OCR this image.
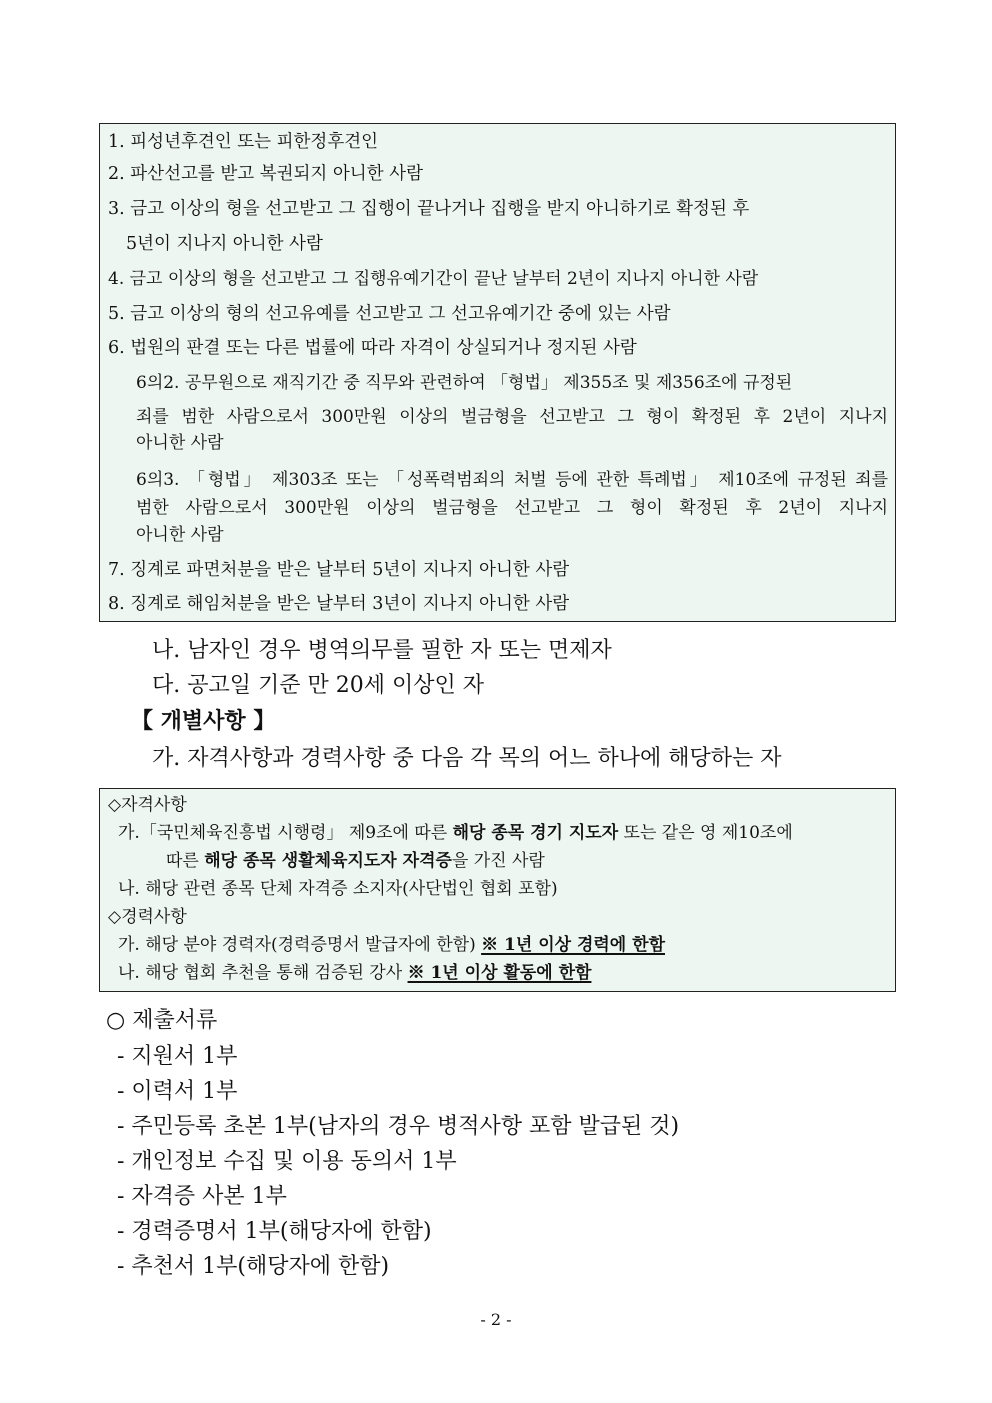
1. 피성년후견인 또는 피한정후견인
2. 파산선고를 받고 복권되지 아니한 사람
3. 금고 이상의 형을 선고받고 그 집행이 끝나거나 집행을 받지 아니하기로 확정된 후
5년이 지나지 아니한 사람
4. 금고 이상의 형을 선고받고 그 집행유예기간이 끝난 날부터 2년이 지나지 아니한 사람
5. 금고 이상의 형의 선고유예를 선고받고 그 선고유예기간 중에 있는 사람
6. 법원의 판결 또는 다른 법률에 따라 자격이 상실되거나 정지된 사람
6의2. 공무원으로 재직기간 중 직무와 관련하여 「형법」 제355조 및 제356조에 규정된
죄를 범한 사람으로서 300만원 이상의 벌금형을 선고받고 그 형이 확정된 후 2년이 지나지
아니한 사람
6의3. 「형법」 제303조 또는 「성폭력범죄의 처벌 등에 관한 특례법」 제10조에 규정된 죄를
범한 사람으로서 300만원 이상의 벌금형을 선고받고 그 형이 확정된 후 2년이 지나지
아니한 사람
7. 징계로 파면처분을 받은 날부터 5년이 지나지 아니한 사람
8. 징계로 해임처분을 받은 날부터 3년이 지나지 아니한 사람
나. 남자인 경우 병역의무를 필한 자 또는 면제자
다. 공고일 기준 만 20세 이상인 자
【 개별사항 】
가. 자격사항과 경력사항 중 다음 각 목의 어느 하나에 해당하는 자
◇자격사항
가.「국민체육진흥법 시행령」 제9조에 따른 해당 종목 경기 지도자 또는 같은 영 제10조에
따른 해당 종목 생활체육지도자 자격증을 가진 사람
나. 해당 관련 종목 단체 자격증 소지자(사단법인 협회 포함)
◇경력사항
가. 해당 분야 경력자(경력증명서 발급자에 한함) ※ 1년 이상 경력에 한함
나. 해당 협회 추천을 통해 검증된 강사 ※ 1년 이상 활동에 한함
○ 제출서류
- 지원서 1부
- 이력서 1부
- 주민등록 초본 1부(남자의 경우 병적사항 포함 발급된 것)
- 개인정보 수집 및 이용 동의서 1부
- 자격증 사본 1부
- 경력증명서 1부(해당자에 한함)
- 추천서 1부(해당자에 한함)
- 2 -
